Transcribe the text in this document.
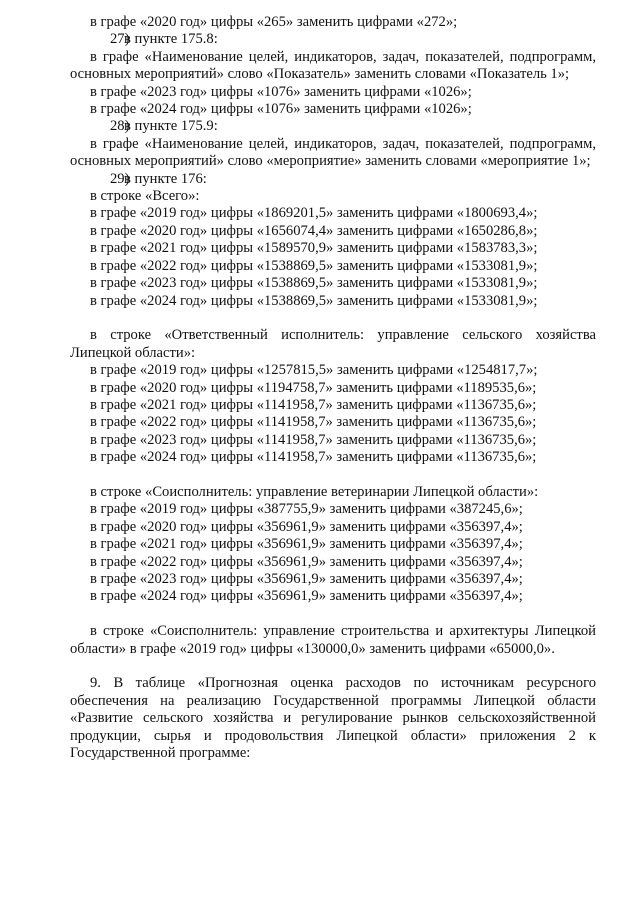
в графе «2020 год» цифры «265» заменить цифрами «272»;
27)в пункте 175.8:
в графе «Наименование целей, индикаторов, задач, показателей, подпрограмм, основных мероприятий» слово «Показатель» заменить словами «Показатель 1»;
в графе «2023 год» цифры «1076» заменить цифрами «1026»;
в графе «2024 год» цифры «1076» заменить цифрами «1026»;
28)в пункте 175.9:
в графе «Наименование целей, индикаторов, задач, показателей, подпрограмм, основных мероприятий» слово «мероприятие» заменить словами «мероприятие 1»;
29)в пункте 176:
в строке «Всего»:
в графе «2019 год» цифры «1869201,5» заменить цифрами «1800693,4»;
в графе «2020 год» цифры «1656074,4» заменить цифрами «1650286,8»;
в графе «2021 год» цифры «1589570,9» заменить цифрами «1583783,3»;
в графе «2022 год» цифры «1538869,5» заменить цифрами «1533081,9»;
в графе «2023 год» цифры «1538869,5» заменить цифрами «1533081,9»;
в графе «2024 год» цифры «1538869,5» заменить цифрами «1533081,9»;
в строке «Ответственный исполнитель: управление сельского хозяйства Липецкой области»:
в графе «2019 год» цифры «1257815,5» заменить цифрами «1254817,7»;
в графе «2020 год» цифры «1194758,7» заменить цифрами «1189535,6»;
в графе «2021 год» цифры «1141958,7» заменить цифрами «1136735,6»;
в графе «2022 год» цифры «1141958,7» заменить цифрами «1136735,6»;
в графе «2023 год» цифры «1141958,7» заменить цифрами «1136735,6»;
в графе «2024 год» цифры «1141958,7» заменить цифрами «1136735,6»;
в строке «Соисполнитель: управление ветеринарии Липецкой области»:
в графе «2019 год» цифры «387755,9» заменить цифрами «387245,6»;
в графе «2020 год» цифры «356961,9» заменить цифрами «356397,4»;
в графе «2021 год» цифры «356961,9» заменить цифрами «356397,4»;
в графе «2022 год» цифры «356961,9» заменить цифрами «356397,4»;
в графе «2023 год» цифры «356961,9» заменить цифрами «356397,4»;
в графе «2024 год» цифры «356961,9» заменить цифрами «356397,4»;
в строке «Соисполнитель: управление строительства и архитектуры Липецкой области» в графе «2019 год» цифры «130000,0» заменить цифрами «65000,0».
9. В таблице «Прогнозная оценка расходов по источникам ресурсного обеспечения на реализацию Государственной программы Липецкой области «Развитие сельского хозяйства и регулирование рынков сельскохозяйственной продукции, сырья и продовольствия Липецкой области» приложения 2 к Государственной программе:
